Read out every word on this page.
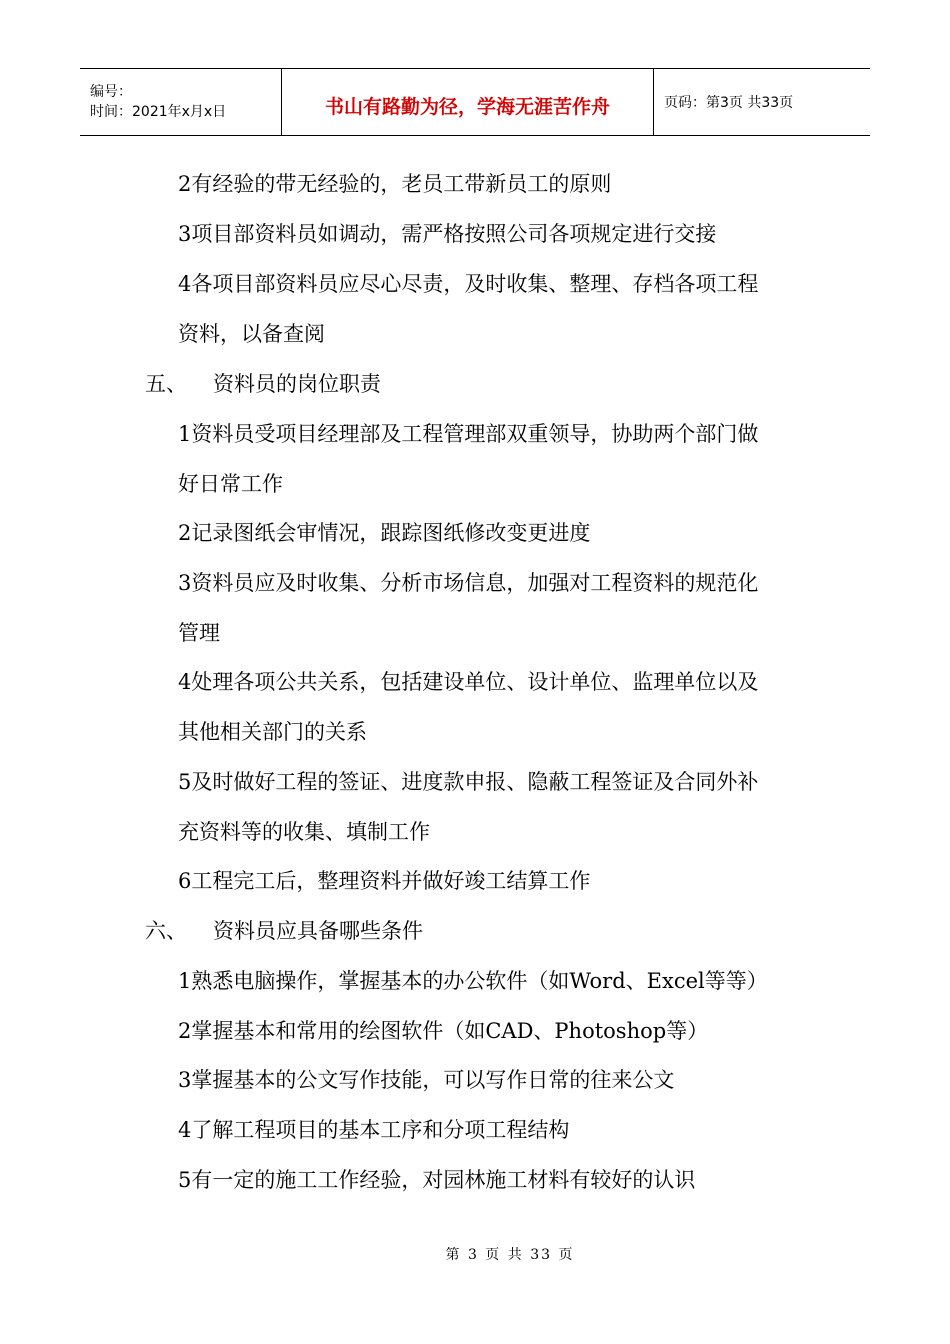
编号：
时间：2021年x月x日	书山有路勤为径，学海无涯苦作舟	页码：第3页 共33页
2有经验的带无经验的，老员工带新员工的原则
3项目部资料员如调动，需严格按照公司各项规定进行交接
4各项目部资料员应尽心尽责，及时收集、整理、存档各项工程
资料，以备查阅
五、 资料员的岗位职责
1资料员受项目经理部及工程管理部双重领导，协助两个部门做
好日常工作
2记录图纸会审情况，跟踪图纸修改变更进度
3资料员应及时收集、分析市场信息，加强对工程资料的规范化
管理
4处理各项公共关系，包括建设单位、设计单位、监理单位以及
其他相关部门的关系
5及时做好工程的签证、进度款申报、隐蔽工程签证及合同外补
充资料等的收集、填制工作
6工程完工后，整理资料并做好竣工结算工作
六、 资料员应具备哪些条件
1熟悉电脑操作，掌握基本的办公软件（如Word、Excel等等）
2掌握基本和常用的绘图软件（如CAD、Photoshop等）
3掌握基本的公文写作技能，可以写作日常的往来公文
4了解工程项目的基本工序和分项工程结构
5有一定的施工工作经验，对园林施工材料有较好的认识
第 3 页 共 33 页
